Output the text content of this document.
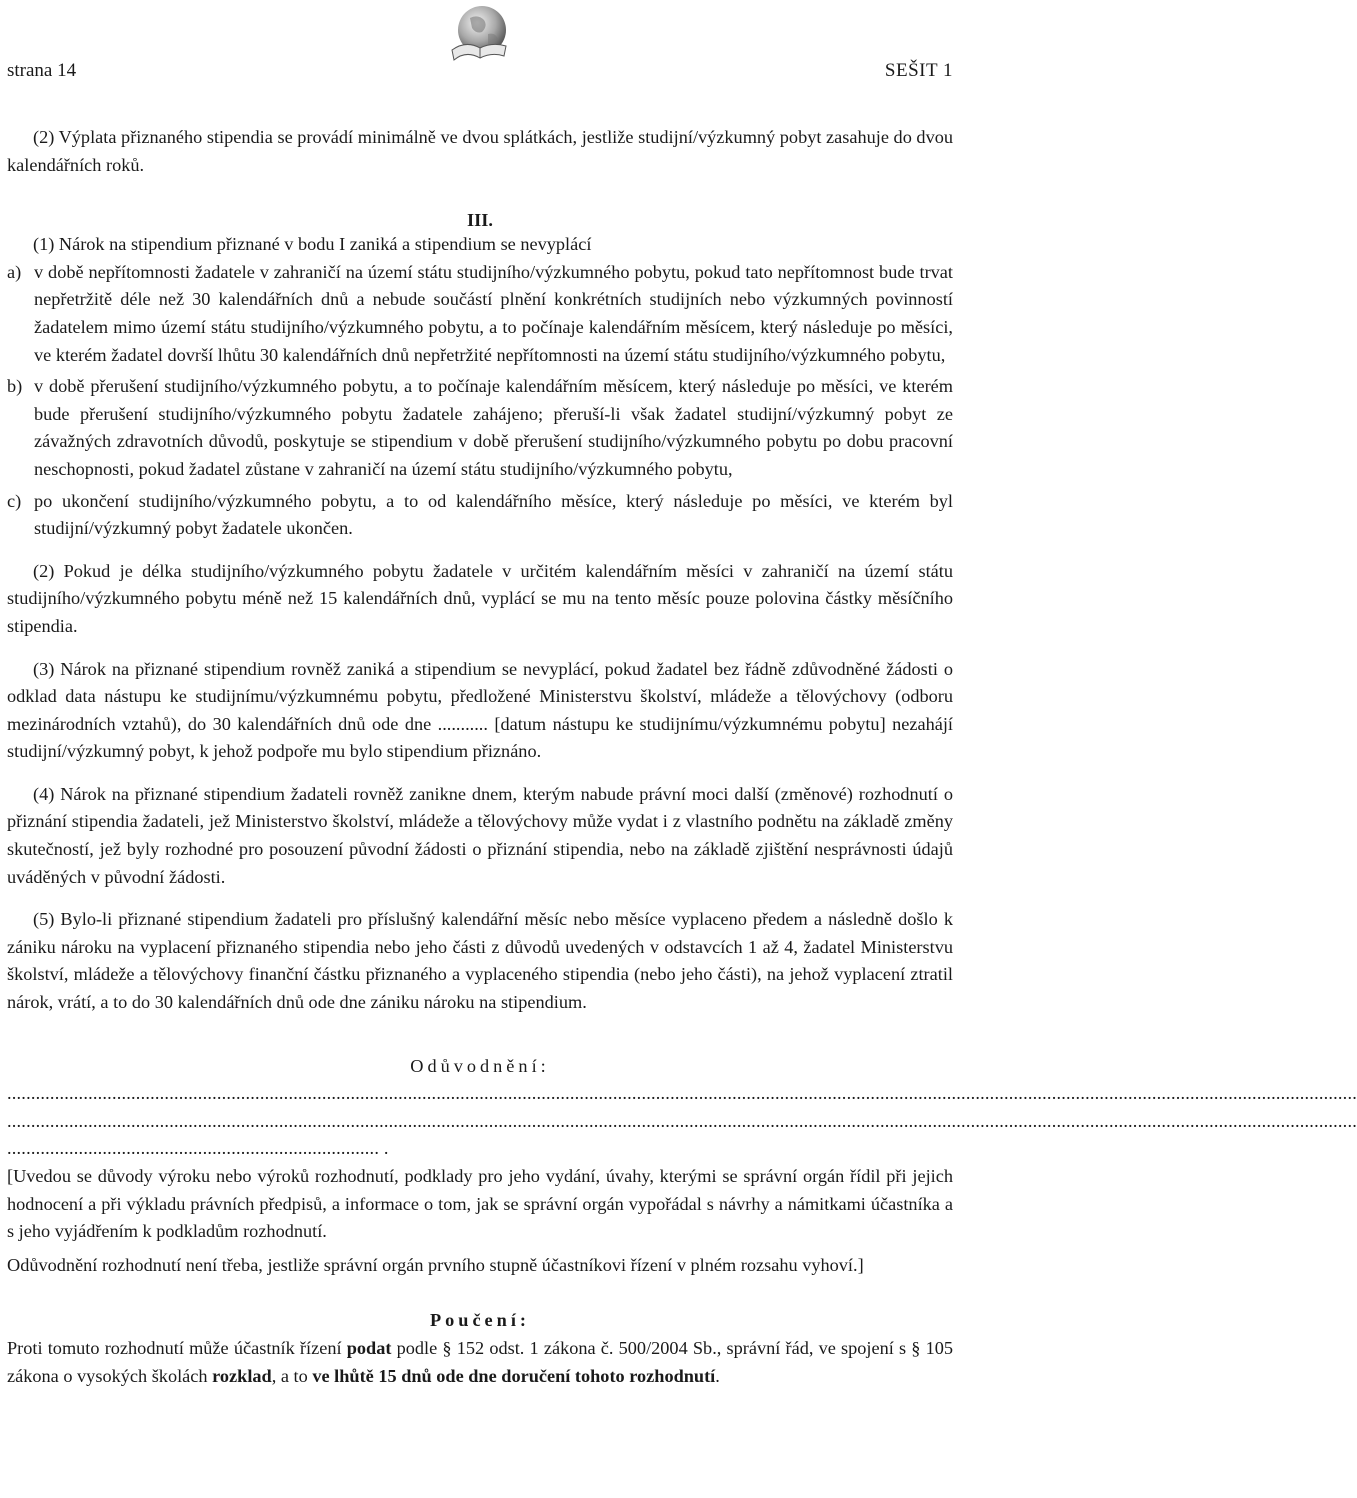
strana 14	SEŠIT 1

(2) Výplata přiznaného stipendia se provádí minimálně ve dvou splátkách, jestliže studijní/výzkumný pobyt zasahuje do dvou kalendářních roků.

III.

(1) Nárok na stipendium přiznané v bodu I zaniká a stipendium se nevyplácí

a) v době nepřítomnosti žadatele v zahraničí na území státu studijního/výzkumného pobytu, pokud tato nepřítomnost bude trvat nepřetržitě déle než 30 kalendářních dnů a nebude součástí plnění konkrétních studijních nebo výzkumných povinností žadatelem mimo území státu studijního/výzkumného pobytu, a to počínaje kalendářním měsícem, který následuje po měsíci, ve kterém žadatel dovrší lhůtu 30 kalendářních dnů nepřetržité nepřítomnosti na území státu studijního/výzkumného pobytu,
b) v době přerušení studijního/výzkumného pobytu, a to počínaje kalendářním měsícem, který následuje po měsíci, ve kterém bude přerušení studijního/výzkumného pobytu žadatele zahájeno; přeruší-li však žadatel studijní/výzkumný pobyt ze závažných zdravotních důvodů, poskytuje se stipendium v době přerušení studijního/výzkumného pobytu po dobu pracovní neschopnosti, pokud žadatel zůstane v zahraničí na území státu studijního/výzkumného pobytu,
c) po ukončení studijního/výzkumného pobytu, a to od kalendářního měsíce, který následuje po měsíci, ve kterém byl studijní/výzkumný pobyt žadatele ukončen.

(2) Pokud je délka studijního/výzkumného pobytu žadatele v určitém kalendářním měsíci v zahraničí na území státu studijního/výzkumného pobytu méně než 15 kalendářních dnů, vyplácí se mu na tento měsíc pouze polovina částky měsíčního stipendia.

(3) Nárok na přiznané stipendium rovněž zaniká a stipendium se nevyplácí, pokud žadatel bez řádně zdůvodněné žádosti o odklad data nástupu ke studijnímu/výzkumnému pobytu, předložené Ministerstvu školství, mládeže a tělovýchovy (odboru mezinárodních vztahů), do 30 kalendářních dnů ode dne ........... [datum nástupu ke studijnímu/výzkumnému pobytu] nezahájí studijní/výzkumný pobyt, k jehož podpoře mu bylo stipendium přiznáno.

(4) Nárok na přiznané stipendium žadateli rovněž zanikne dnem, kterým nabude právní moci další (změnové) rozhodnutí o přiznání stipendia žadateli, jež Ministerstvo školství, mládeže a tělovýchovy může vydat i z vlastního podnětu na základě změny skutečností, jež byly rozhodné pro posouzení původní žádosti o přiznání stipendia, nebo na základě zjištění nesprávnosti údajů uváděných v původní žádosti.

(5) Bylo-li přiznané stipendium žadateli pro příslušný kalendářní měsíc nebo měsíce vyplaceno předem a následně došlo k zániku nároku na vyplacení přiznaného stipendia nebo jeho části z důvodů uvedených v odstavcích 1 až 4, žadatel Ministerstvu školství, mládeže a tělovýchovy finanční částku přiznaného a vyplaceného stipendia (nebo jeho části), na jehož vyplacení ztratil nárok, vrátí, a to do 30 kalendářních dnů ode dne zániku nároku na stipendium.

Odůvodnění:

...........................................................................................................................................................................................................................................................................................

...........................................................................................................................................................................................................................................................................................

.............................................................................. .

[Uvedou se důvody výroku nebo výroků rozhodnutí, podklady pro jeho vydání, úvahy, kterými se správní orgán řídil při jejich hodnocení a při výkladu právních předpisů, a informace o tom, jak se správní orgán vypořádal s návrhy a námitkami účastníka a s jeho vyjádřením k podkladům rozhodnutí.

Odůvodnění rozhodnutí není třeba, jestliže správní orgán prvního stupně účastníkovi řízení v plném rozsahu vyhoví.]

Poučení:

Proti tomuto rozhodnutí může účastník řízení podat podle § 152 odst. 1 zákona č. 500/2004 Sb., správní řád, ve spojení s § 105 zákona o vysokých školách rozklad, a to ve lhůtě 15 dnů ode dne doručení tohoto rozhodnutí.
